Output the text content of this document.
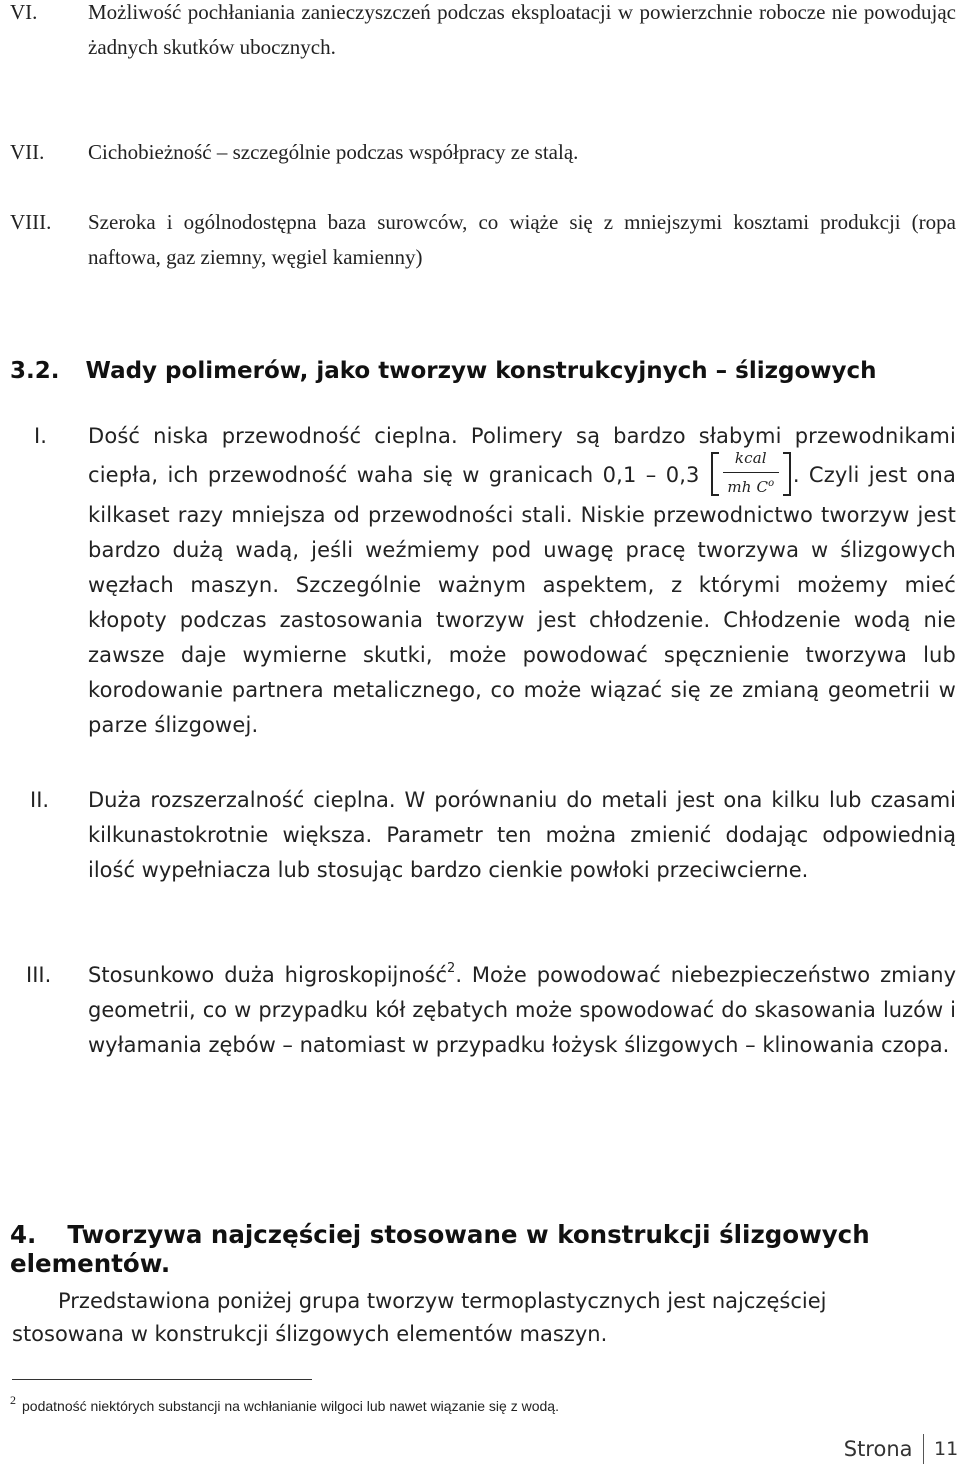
VI. Możliwość pochłaniania zanieczyszczeń podczas eksploatacji w powierzchnie robocze nie powodując żadnych skutków ubocznych.
VII. Cichobieżność – szczególnie podczas współpracy ze stalą.
VIII. Szeroka i ogólnodostępna baza surowców, co wiąże się z mniejszymi kosztami produkcji (ropa naftowa, gaz ziemny, węgiel kamienny)
3.2. Wady polimerów, jako tworzyw konstrukcyjnych – ślizgowych
I. Dość niska przewodność cieplna. Polimery są bardzo słabymi przewodnikami ciepła, ich przewodność waha się w granicach $0,1 - 0,3 \frac{\text{kcal}}{mh C^o}$ . Czyli jest ona kilkaset razy mniejsza od przewodności stali. Niskie przewodnictwo tworzyw jest bardzo dużą wadą, jeśli weźmiemy pod uwagę pracę tworzywa w ślizgowych węzłach maszyn. Szczególnie ważnym aspektem, z którymi możemy mieć kłopoty podczas zastosowania tworzyw jest chłodzenie. Chłodzenie wodą nie zawsze daje wymierne skutki, może powodować spęcznienie tworzywa lub korodowanie partnera metalicznego, co może wiązać się ze zmianą geometrii w parze ślizgowej.
II. Duża rozszerzalność cieplna. W porównaniu do metali jest ona kilku lub czasami kilkunastokrotnie większa. Parametr ten można zmienić dodając odpowiednią ilość wypełniacza lub stosując bardzo cienkie powłoki przeciwcierne.
III. Stosunkowo duża higroskopijność$^2$. Może powodować niebezpieczeństwo zmiany geometrii, co w przypadku kół zębatych może spowodować do skasowania luzów i wyłamania zębów – natomiast w przypadku łożysk ślizgowych – klinowania czopa.
4. Tworzywa najczęściej stosowane w konstrukcji ślizgowych elementów.
Przedstawiona poniżej grupa tworzyw termoplastycznych jest najczęściej stosowana w konstrukcji ślizgowych elementów maszyn.
2 podatność niektórych substancji na wchłanianie wilgoci lub nawet wiązanie się z wodą.
Strona	11
